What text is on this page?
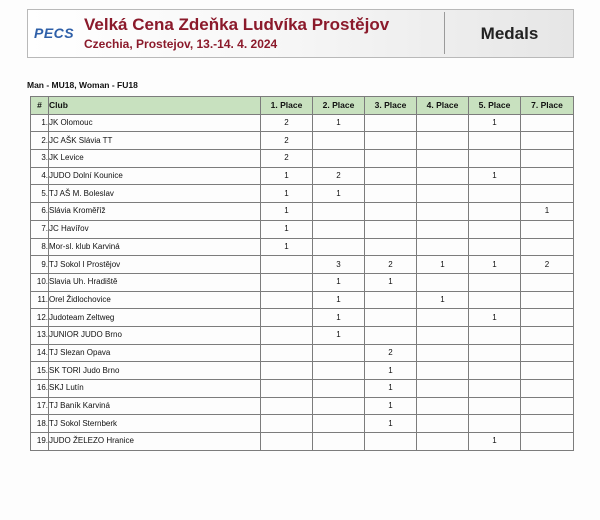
PECS Velká Cena Zdeňka Ludvíka Prostějov
Czechia, Prostejov, 13.-14. 4. 2024
Medals
Man - MU18, Woman - FU18
#	Club	1. Place	2. Place	3. Place	4. Place	5. Place	7. Place
1.	JK Olomouc	2	1			1	
2.	JC AŠK Slávia TT	2					
3.	JK Levice	2					
4.	JUDO Dolní Kounice	1	2			1	
5.	TJ AŠ M. Boleslav	1	1				
6.	Slávia Kroměříž	1					1
7.	JC Havířov	1					
8.	Mor-sl. klub Karviná	1					
9.	TJ Sokol I Prostějov		3	2	1	1	2
10.	Slavia Uh. Hradiště		1	1			
11.	Orel Židlochovice		1		1		
12.	Judoteam Zeltweg		1			1	
13.	JUNIOR JUDO Brno		1				
14.	TJ Slezan Opava			2			
15.	SK TORI Judo Brno			1			
16.	SKJ Lutín			1			
17.	TJ Baník Karviná			1			
18.	TJ Sokol Sternberk			1			
19.	JUDO ŽELEZO Hranice					1	
